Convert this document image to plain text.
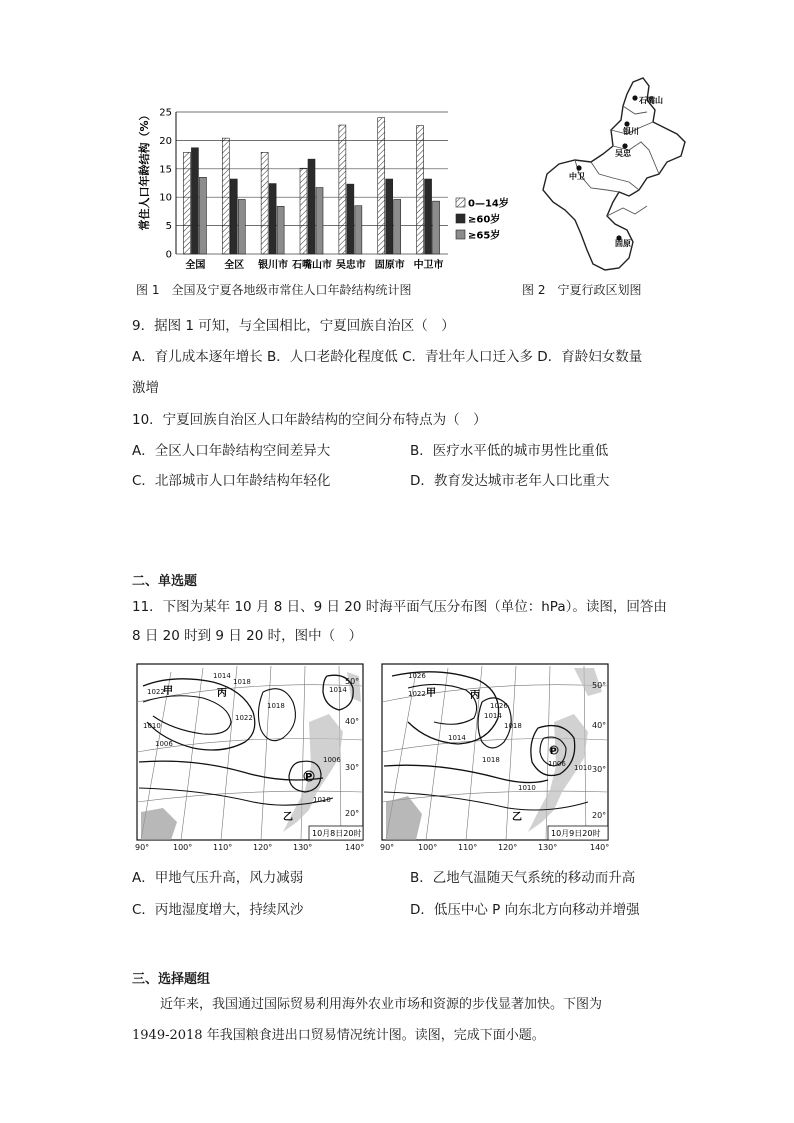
常住人口年龄结构（%）
0
5
10
15
20
25
全国 全区 银川市 石嘴山市 吴忠市 固原市 中卫市
0—14岁
≥60岁
≥65岁
石嘴山
银川
吴忠
中卫
固原
图 1　全国及宁夏各地级市常住人口年龄结构统计图	图 2　宁夏行政区划图
9．据图 1 可知，与全国相比，宁夏回族自治区（　）
A．育儿成本逐年增长 B．人口老龄化程度低 C．青壮年人口迁入多 D．育龄妇女数量
激增
10．宁夏回族自治区人口年龄结构的空间分布特点为（　）
A．全区人口年龄结构空间差异大	B．医疗水平低的城市男性比重低
C．北部城市人口年龄结构年轻化	D．教育发达城市老年人口比重大
二、单选题
11．下图为某年 10 月 8 日、9 日 20 时海平面气压分布图（单位：hPa）。读图，回答由
8 日 20 时到 9 日 20 时，图中（　）
P
甲	丙
乙
1022
1014
1018
1010
1006
1022
1018
1010
1014
1006
10月8日20时
90°	100°	110°	120°	130°	140°
50°
40°
30°
20°
P
甲	丙
乙
1026
1022
1014
1018
1010
1006
1014
1018
1026
1010
10月9日20时
90°	100°	110°	120°	130°	140°
50°
40°
30°
20°
A．甲地气压升高，风力减弱	B．乙地气温随天气系统的移动而升高
C．丙地湿度增大，持续风沙	D．低压中心 P 向东北方向移动并增强
三、选择题组
近年来，我国通过国际贸易利用海外农业市场和资源的步伐显著加快。下图为
1949-2018 年我国粮食进出口贸易情况统计图。读图，完成下面小题。
